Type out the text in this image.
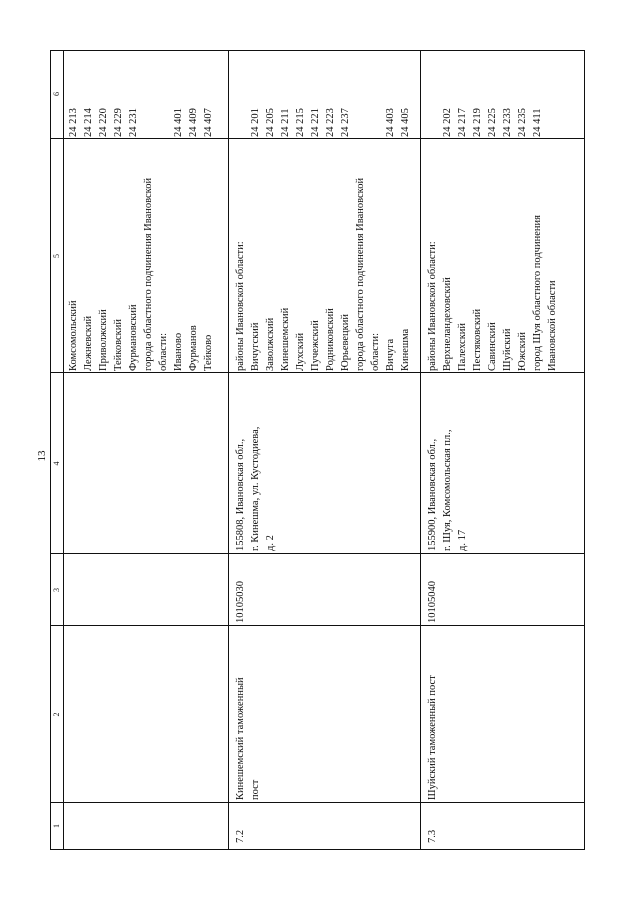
13
1
2
3
4
5
6
Комсомольский Лежневский Приволжский Тейковский Фурмановский города областного подчинения Ивановской области: Иваново Фурманов Тейково
24 213 24 214 24 220 24 229 24 231	24 401 24 409 24 407
7.2
Кинешемский таможенный пост
10105030
155808, Ивановская обл., г. Кинешма, ул. Кустодиева, д. 2
районы Ивановской области: Вичугский Заволжский Кинешемский Лухский Пучежский Родниковский Юрьевецкий города областного подчинения Ивановской области: Вичуга Кинешма
24 201 24 205 24 211 24 215 24 221 24 223 24 237	24 403 24 405
7.3
Шуйский таможенный пост
10105040
155900, Ивановская обл., г. Шуя, Комсомольская пл., д. 17
районы Ивановской области: Верхнеландеховский Палехский Пестяковский Савинский Шуйский Южский город Шуя областного подчинения Ивановской области
24 202 24 217 24 219 24 225 24 233 24 235 24 411
